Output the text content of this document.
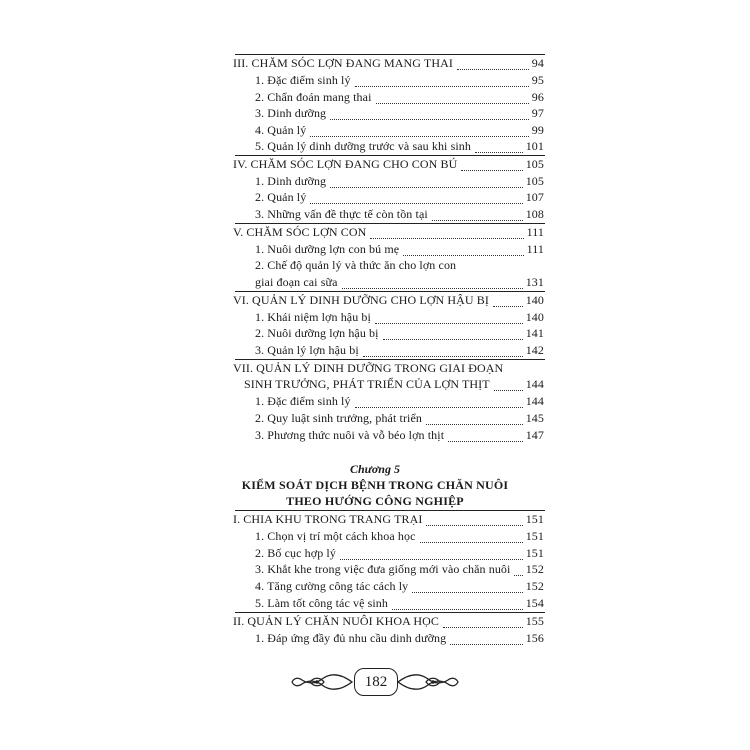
III. CHĂM SÓC LỢN ĐANG MANG THAI	94
1. Đặc điểm sinh lý	95
2. Chẩn đoán mang thai	96
3. Dinh dưỡng	97
4. Quản lý	99
5. Quản lý dinh dưỡng trước và sau khi sinh	101
IV. CHĂM SÓC LỢN ĐANG CHO CON BÚ	105
1. Dinh dưỡng	105
2. Quản lý	107
3. Những vấn đề thực tế còn tồn tại	108
V. CHĂM SÓC LỢN CON	111
1. Nuôi dưỡng lợn con bú mẹ	111
2. Chế độ quản lý và thức ăn cho lợn con
giai đoạn cai sữa	131
VI. QUẢN LÝ DINH DƯỠNG CHO LỢN HẬU BỊ	140
1. Khái niệm lợn hậu bị	140
2. Nuôi dưỡng lợn hậu bị	141
3. Quản lý lợn hậu bị	142
VII. QUẢN LÝ DINH DƯỠNG TRONG GIAI ĐOẠN
SINH TRƯỞNG, PHÁT TRIỂN CỦA LỢN THỊT	144
1. Đặc điểm sinh lý	144
2. Quy luật sinh trưởng, phát triển	145
3. Phương thức nuôi và vỗ béo lợn thịt	147
Chương 5
KIỂM SOÁT DỊCH BỆNH TRONG CHĂN NUÔI
THEO HƯỚNG CÔNG NGHIỆP
I. CHIA KHU TRONG TRANG TRẠI	151
1. Chọn vị trí một cách khoa học	151
2. Bố cục hợp lý	151
3. Khắt khe trong việc đưa giống mới vào chăn nuôi 152
4. Tăng cường công tác cách ly	152
5. Làm tốt công tác vệ sinh	154
II. QUẢN LÝ CHĂN NUÔI KHOA HỌC	155
1. Đáp ứng đầy đủ nhu cầu dinh dưỡng	156
182
